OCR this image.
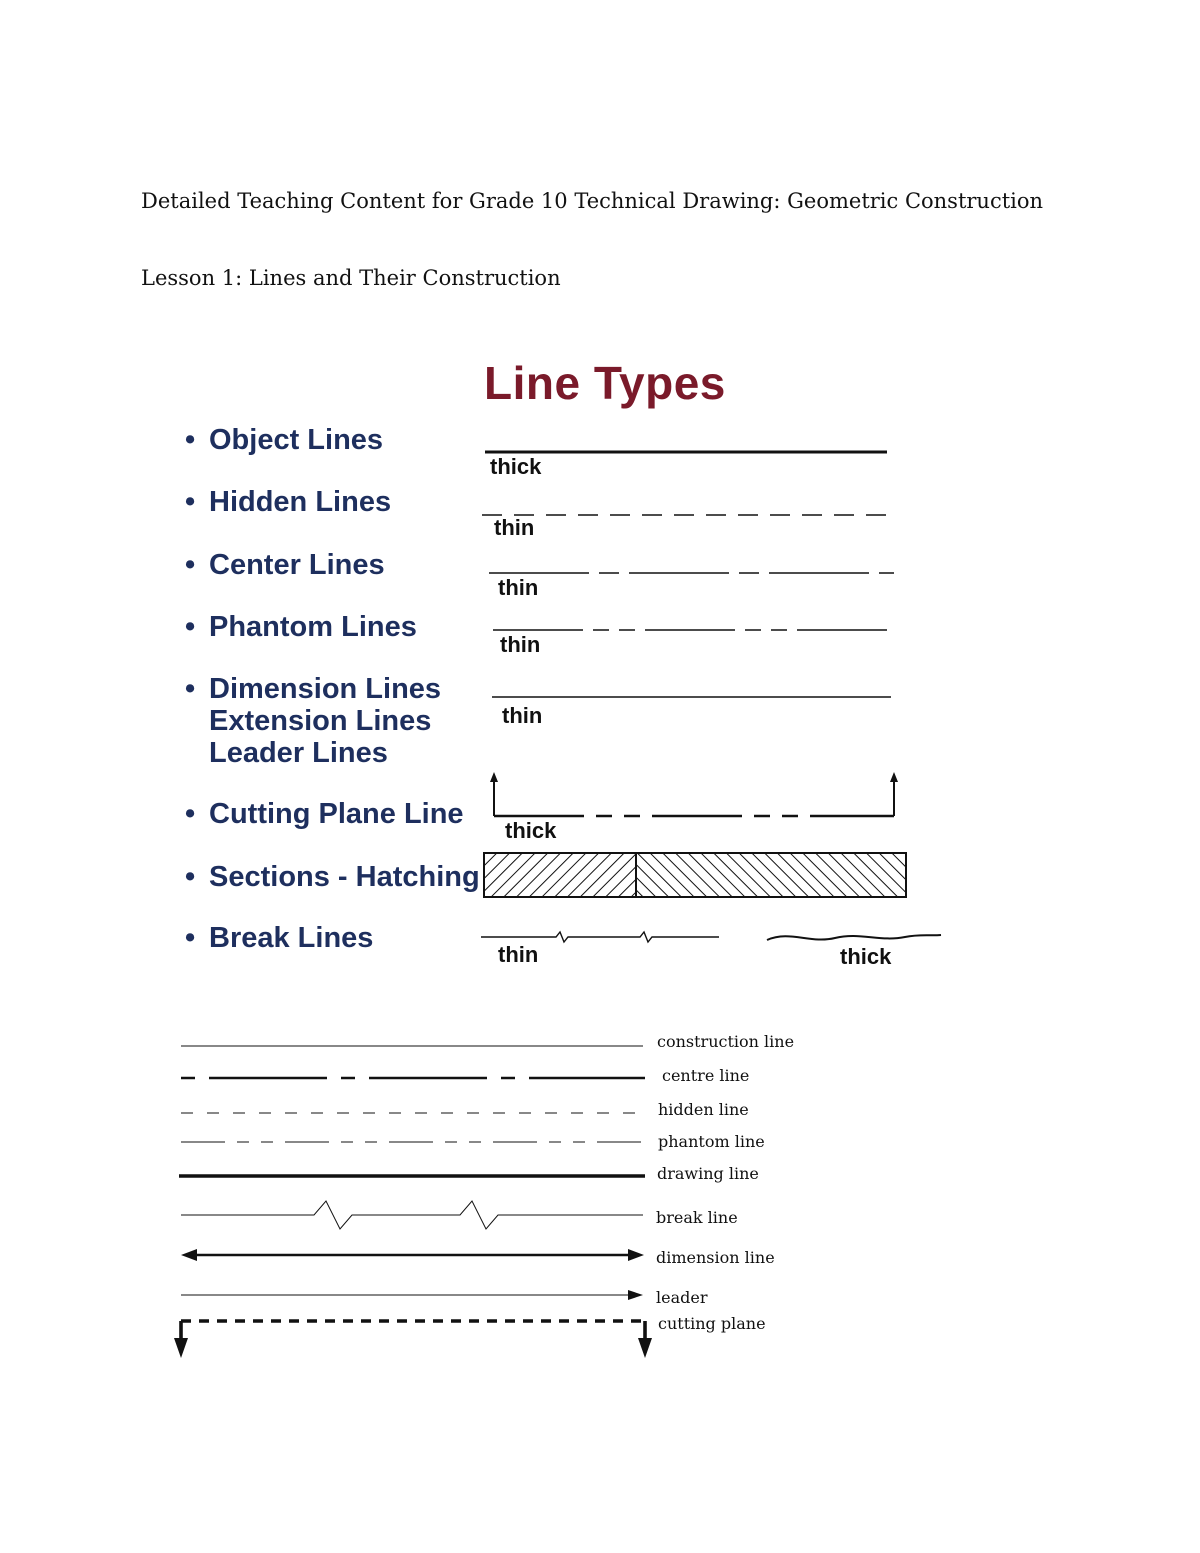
Detailed Teaching Content for Grade 10 Technical Drawing: Geometric Construction
Lesson 1: Lines and Their Construction
Line Types
• Object Lines
• Hidden Lines
• Center Lines
• Phantom Lines
• Dimension Lines
Extension Lines
Leader Lines
• Cutting Plane Line
• Sections - Hatching
• Break Lines
thick
thin
thin
thin
thin
thick
thin	thick
construction line
centre line
hidden line
phantom line
drawing line
break line
dimension line
leader
cutting plane
